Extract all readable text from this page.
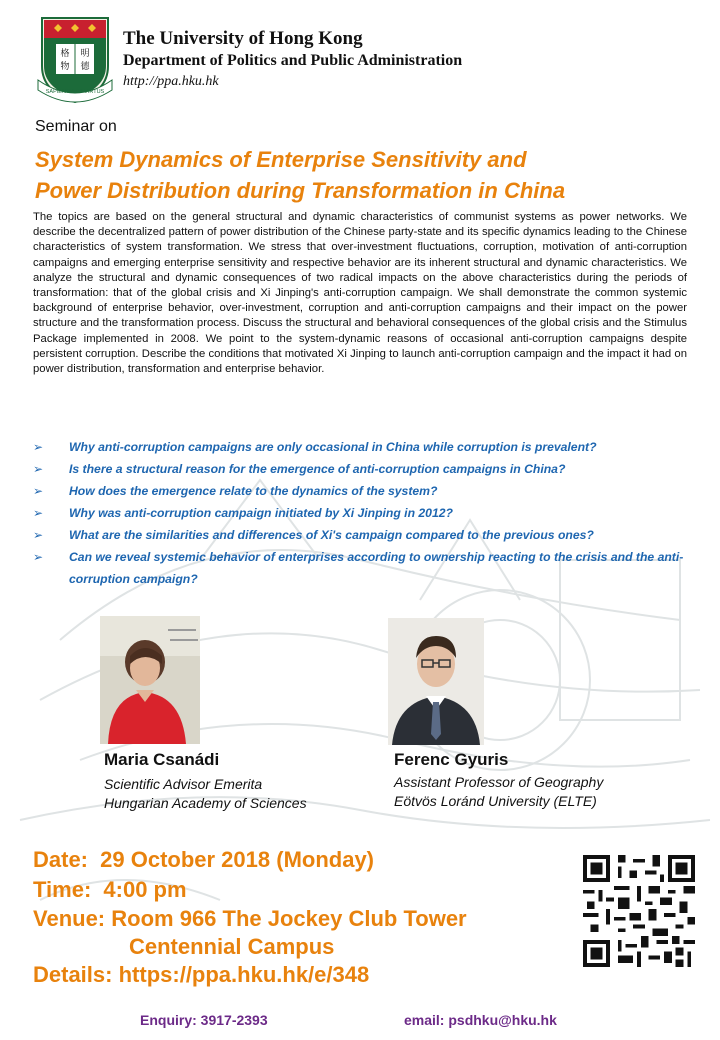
格 明
物 德
SAPIENTIA ET VIRTUS
The University of Hong Kong
Department of Politics and Public Administration
http://ppa.hku.hk
Seminar on
System Dynamics of Enterprise Sensitivity and
Power Distribution during Transformation in China
The topics are based on the general structural and dynamic characteristics of communist systems as power networks. We describe the decentralized pattern of power distribution of the Chinese party-state and its specific dynamics leading to the Chinese characteristics of system transformation. We stress that over-investment fluctuations, corruption, motivation of anti-corruption campaigns and emerging enterprise sensitivity and respective behavior are its inherent structural and dynamic characteristics. We analyze the structural and dynamic consequences of two radical impacts on the above characteristics during the periods of transformation: that of the global crisis and Xi Jinping's anti-corruption campaign. We shall demonstrate the common systemic background of enterprise behavior, over-investment, corruption and anti-corruption campaigns and their impact on the power structure and the transformation process. Discuss the structural and behavioral consequences of the global crisis and the Stimulus Package implemented in 2008. We point to the system-dynamic reasons of occasional anti-corruption campaigns despite persistent corruption. Describe the conditions that motivated Xi Jinping to launch anti-corruption campaign and the impact it had on power distribution, transformation and enterprise behavior.
➢ Why anti-corruption campaigns are only occasional in China while corruption is prevalent?
➢ Is there a structural reason for the emergence of anti-corruption campaigns in China?
➢ How does the emergence relate to the dynamics of the system?
➢ Why was anti-corruption campaign initiated by Xi Jinping in 2012?
➢ What are the similarities and differences of Xi's campaign compared to the previous ones?
➢ Can we reveal systemic behavior of enterprises according to ownership reacting to the crisis and the anti-corruption campaign?
Maria Csanádi
Scientific Advisor Emerita
Hungarian Academy of Sciences
Ferenc Gyuris
Assistant Professor of Geography
Eötvös Loránd University (ELTE)
Date: 29 October 2018 (Monday)
Time: 4:00 pm
Venue: Room 966 The Jockey Club Tower
Centennial Campus
Details: https://ppa.hku.hk/e/348
Enquiry: 3917-2393	email: psdhku@hku.hk
